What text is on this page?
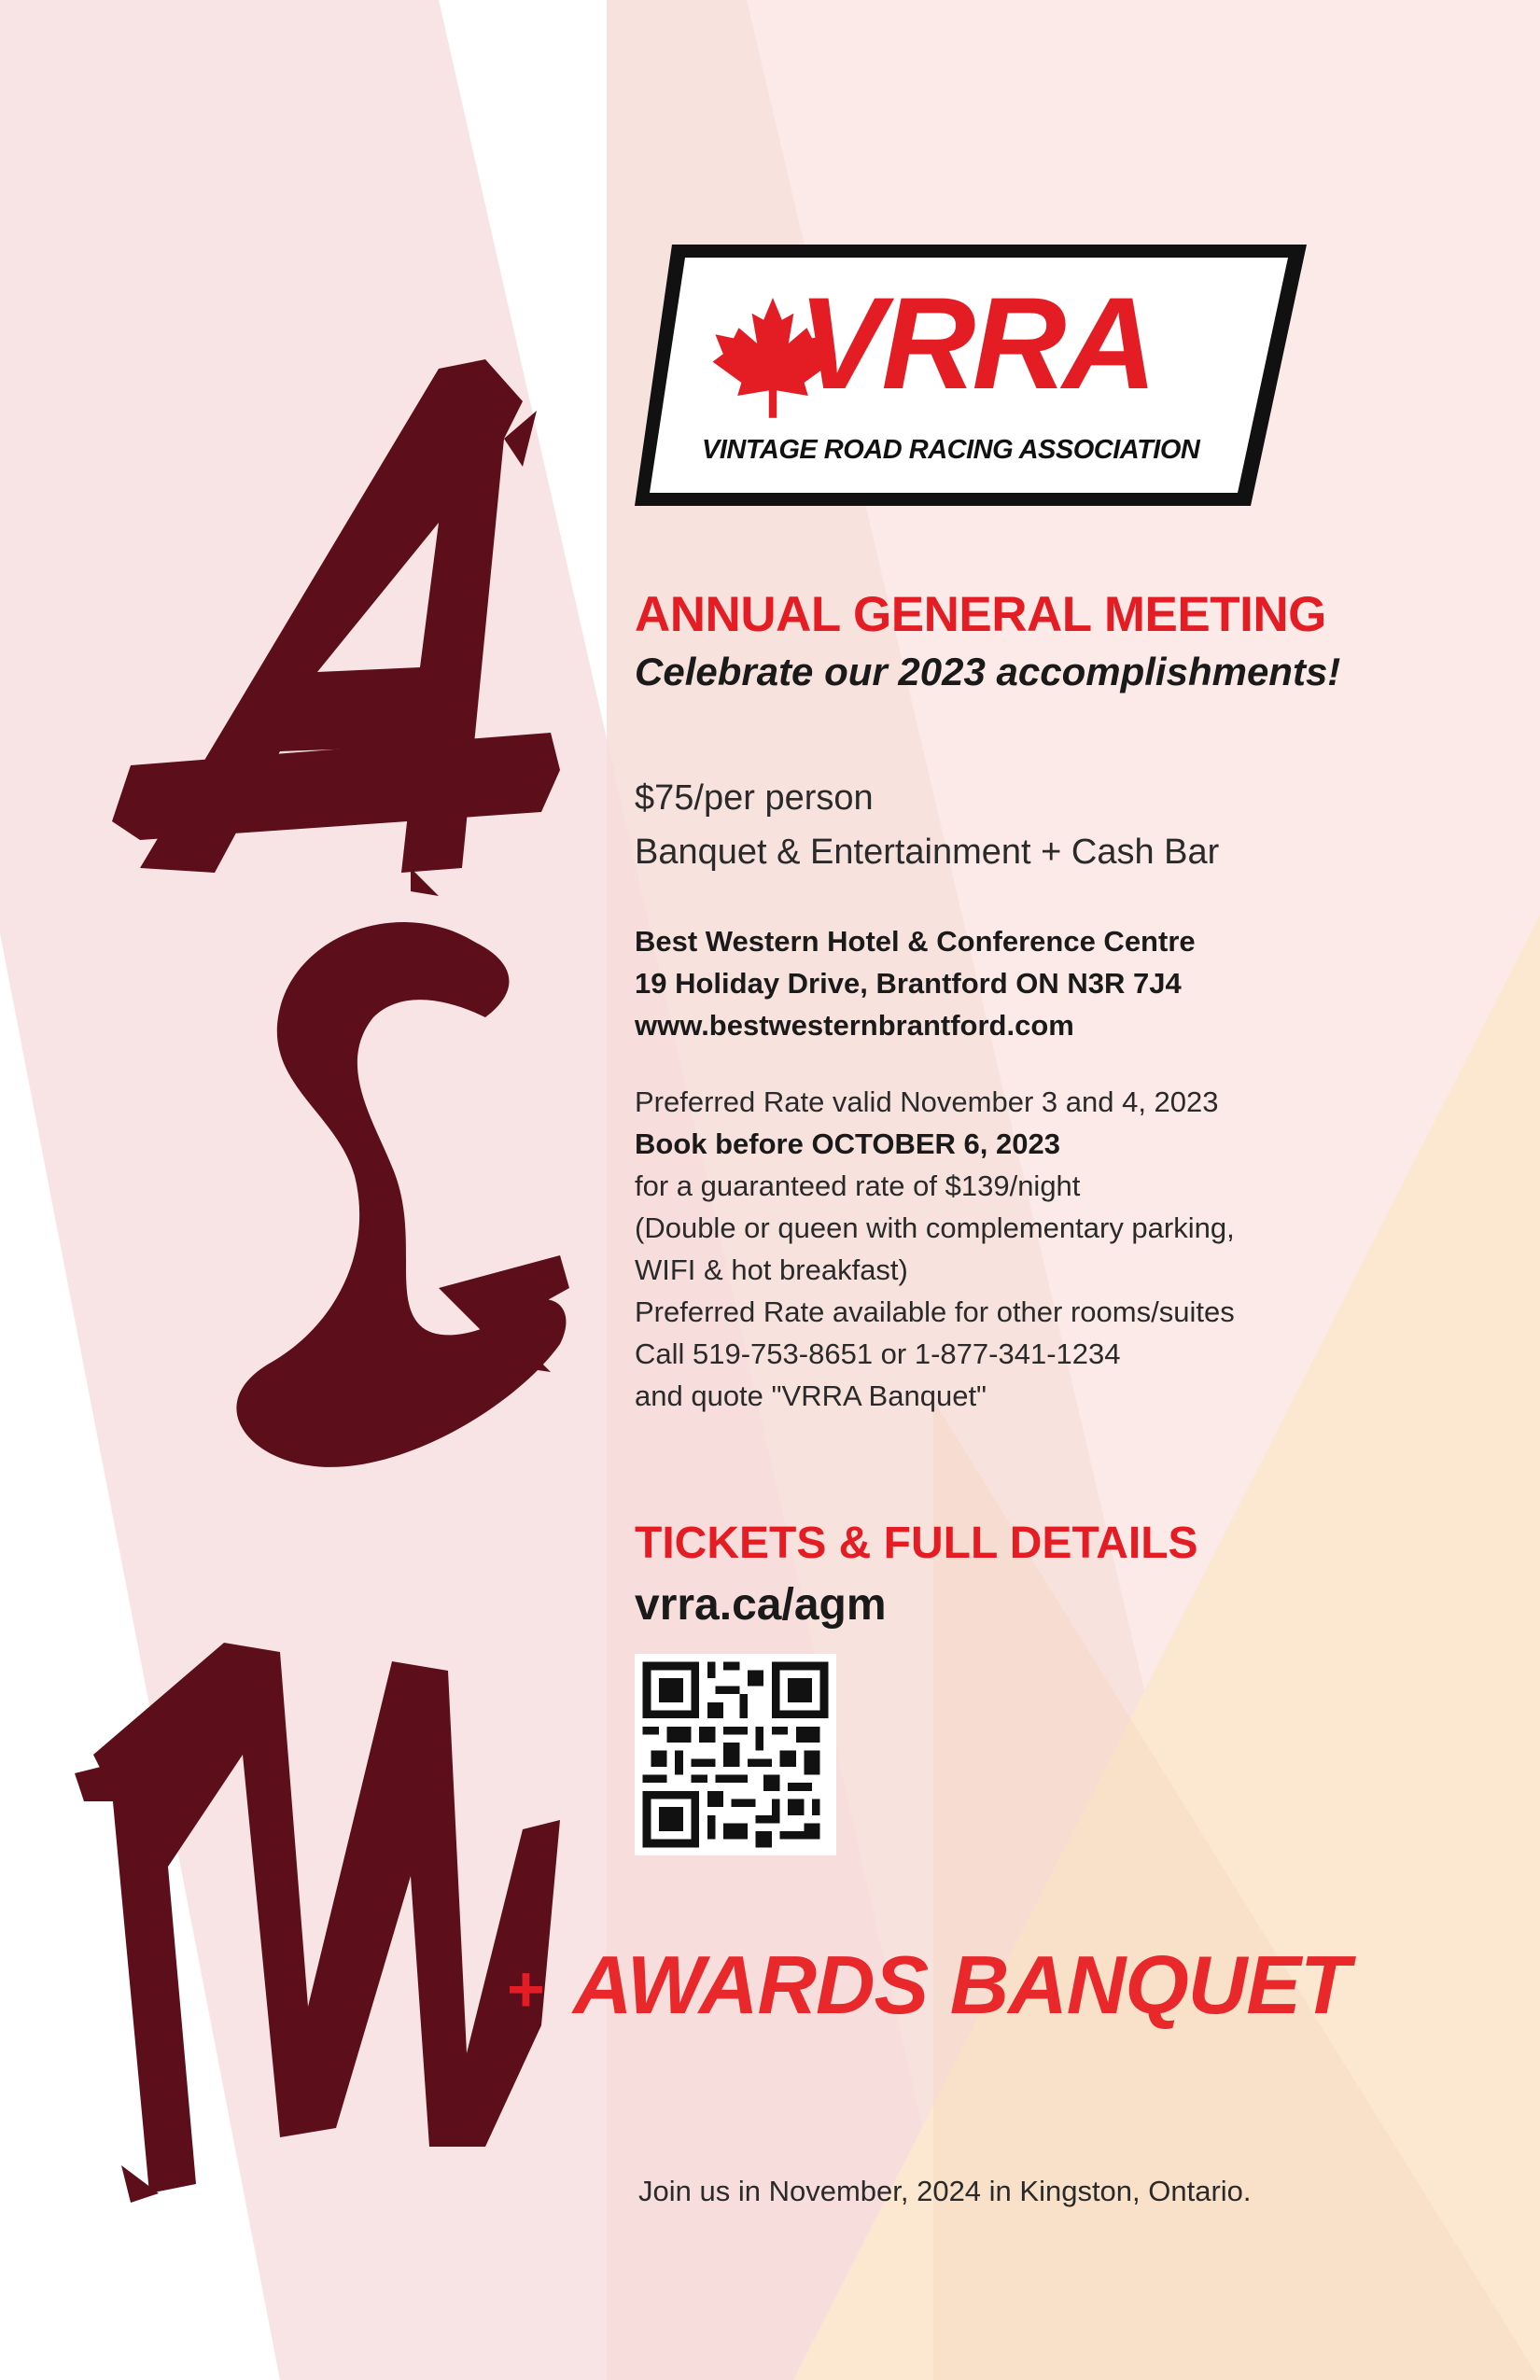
VRRA
VINTAGE ROAD RACING ASSOCIATION
ANNUAL GENERAL MEETING
Celebrate our 2023 accomplishments!
$75/per person
Banquet & Entertainment + Cash Bar
Best Western Hotel & Conference Centre
19 Holiday Drive, Brantford ON N3R 7J4
www.bestwesternbrantford.com
Preferred Rate valid November 3 and 4, 2023
Book before OCTOBER 6, 2023
for a guaranteed rate of $139/night
(Double or queen with complementary parking,
WIFI & hot breakfast)
Preferred Rate available for other rooms/suites
Call 519-753-8651 or 1-877-341-1234
and quote "VRRA Banquet"
TICKETS & FULL DETAILS
vrra.ca/agm
+ AWARDS BANQUET
Join us in November, 2024 in Kingston, Ontario.
